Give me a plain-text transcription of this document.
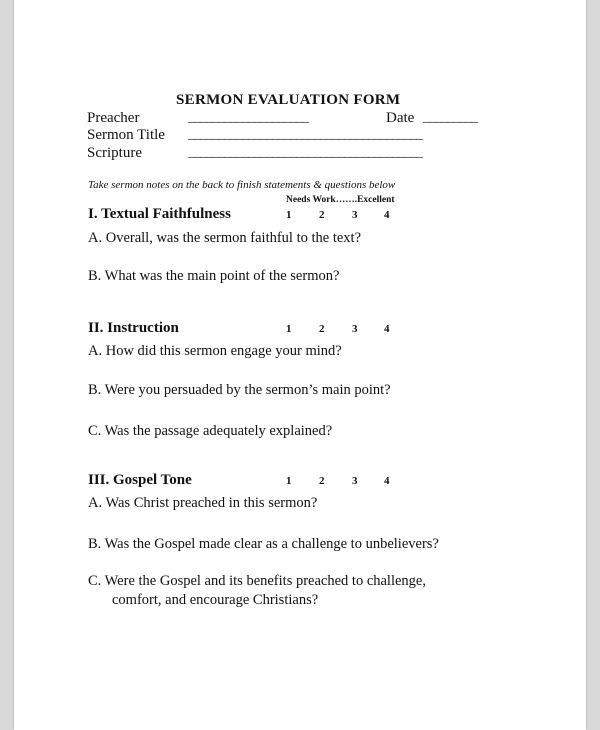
SERMON EVALUATION FORM
Preacher	____________________	Date _________
Sermon Title _______________________________________
Scripture	_______________________________________
Take sermon notes on the back to finish statements & questions below
Needs Work…….Excellent
I. Textual Faithfulness	1	2	3 4
A. Overall, was the sermon faithful to the text?
B. What was the main point of the sermon?
II. Instruction	1	2	3 4
A. How did this sermon engage your mind?
B. Were you persuaded by the sermon’s main point?
C. Was the passage adequately explained?
III. Gospel Tone	1	2	3 4
A. Was Christ preached in this sermon?
B. Was the Gospel made clear as a challenge to unbelievers?
C. Were the Gospel and its benefits preached to challenge,
comfort, and encourage Christians?
